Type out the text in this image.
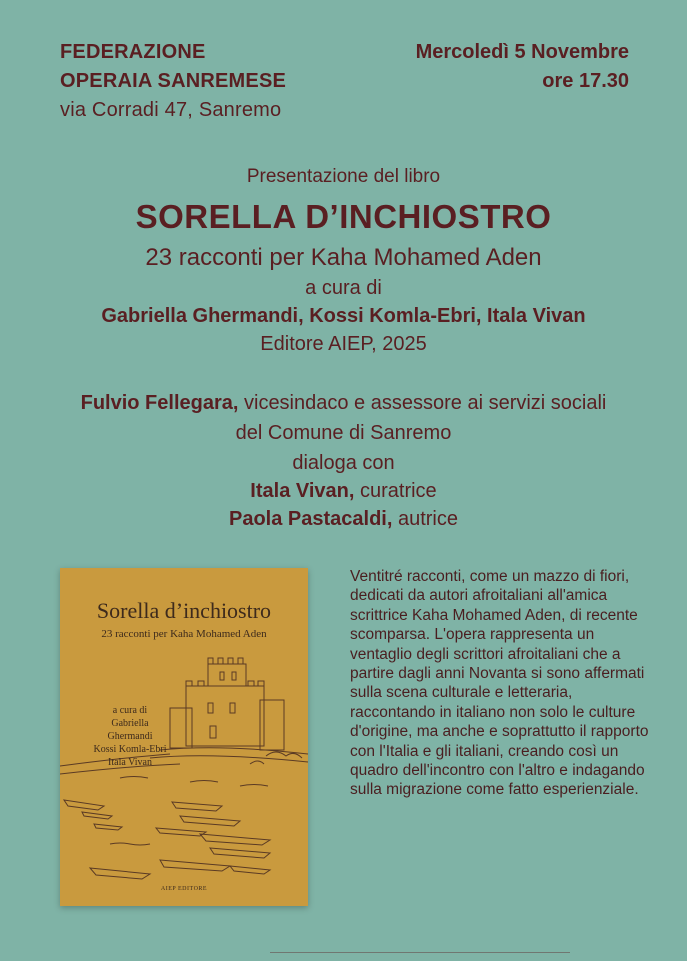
FEDERAZIONE
OPERAIA SANREMESE
via Corradi 47, Sanremo
Mercoledì 5 Novembre
ore 17.30
Presentazione del libro
SORELLA D’INCHIOSTRO
23 racconti per Kaha Mohamed Aden
a cura di
Gabriella Ghermandi, Kossi Komla-Ebri, Itala Vivan
Editore AIEP, 2025
Fulvio Fellegara, vicesindaco e assessore ai servizi sociali
del Comune di Sanremo
dialoga con
Itala Vivan, curatrice
Paola Pastacaldi, autrice
Sorella d’inchiostro
23 racconti per Kaha Mohamed Aden
a cura di
Gabriella Ghermandi
Kossi Komla-Ebri
Itala Vivan
AIEP EDITORE
Ventitré racconti, come un mazzo di fiori, dedicati da autori afroitaliani all'amica scrittrice Kaha Mohamed Aden, di recente scomparsa. L'opera rappresenta un ventaglio degli scrittori afroitaliani che a partire dagli anni Novanta si sono affermati sulla scena culturale e letteraria, raccontando in italiano non solo le culture d'origine, ma anche e soprattutto il rapporto con l'Italia e gli italiani, creando così un quadro dell'incontro con l'altro e indagando sulla migrazione come fatto esperienziale.
